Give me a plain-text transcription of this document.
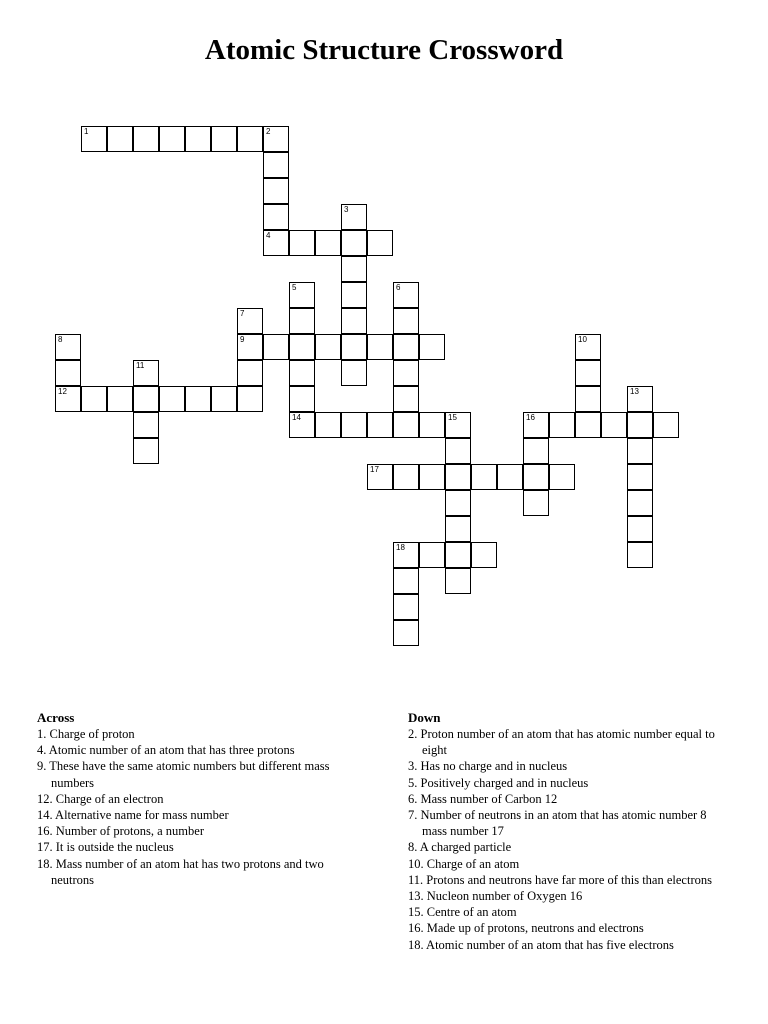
Atomic Structure Crossword
1	2
4
3
5
14
6
7
9
8
12
10
11
13
15	16
17
18
Across

1. Charge of proton

4. Atomic number of an atom that has three protons

9. These have the same atomic numbers but different mass numbers

12. Charge of an electron

14. Alternative name for mass number

16. Number of protons, a number

17. It is outside the nucleus

18. Mass number of an atom hat has two protons and two neutrons

Down

2. Proton number of an atom that has atomic number equal to eight

3. Has no charge and in nucleus

5. Positively charged and in nucleus

6. Mass number of Carbon 12

7. Number of neutrons in an atom that has atomic number 8 mass number 17

8. A charged particle

10. Charge of an atom

11. Protons and neutrons have far more of this than electrons

13. Nucleon number of Oxygen 16

15. Centre of an atom

16. Made up of protons, neutrons and electrons

18. Atomic number of an atom that has five electrons
